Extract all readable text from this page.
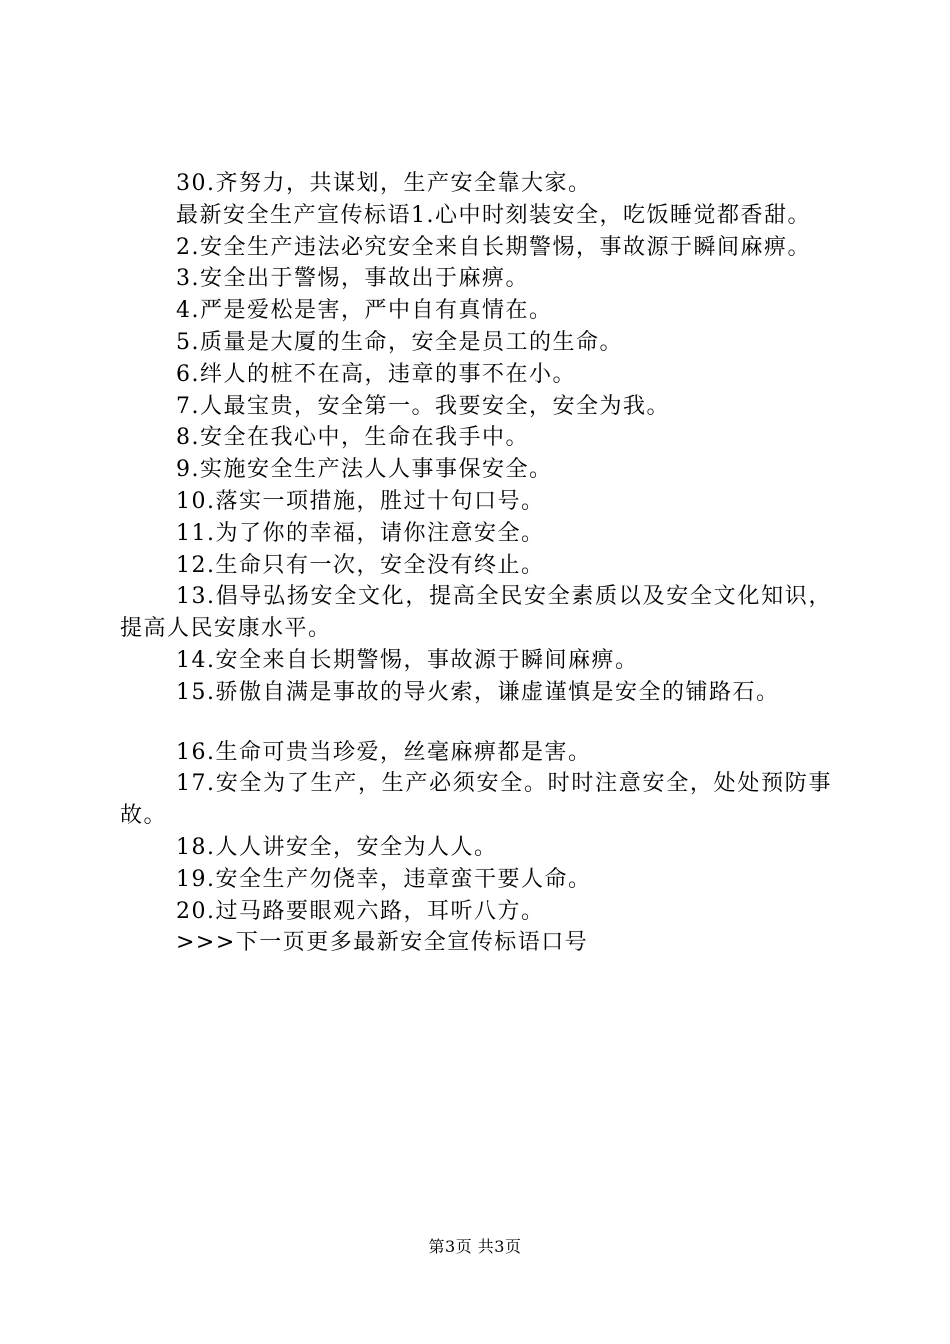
30.齐努力，共谋划，生产安全靠大家。

最新安全生产宣传标语1.心中时刻装安全，吃饭睡觉都香甜。

2.安全生产违法必究安全来自长期警惕，事故源于瞬间麻痹。

3.安全出于警惕，事故出于麻痹。

4.严是爱松是害，严中自有真情在。

5.质量是大厦的生命，安全是员工的生命。

6.绊人的桩不在高，违章的事不在小。

7.人最宝贵，安全第一。我要安全，安全为我。

8.安全在我心中，生命在我手中。

9.实施安全生产法人人事事保安全。

10.落实一项措施，胜过十句口号。

11.为了你的幸福，请你注意安全。

12.生命只有一次，安全没有终止。

13.倡导弘扬安全文化，提高全民安全素质以及安全文化知识，提高人民安康水平。

14.安全来自长期警惕，事故源于瞬间麻痹。

15.骄傲自满是事故的导火索，谦虚谨慎是安全的铺路石。

16.生命可贵当珍爱，丝毫麻痹都是害。

17.安全为了生产，生产必须安全。时时注意安全，处处预防事故。

18.人人讲安全，安全为人人。

19.安全生产勿侥幸，违章蛮干要人命。

20.过马路要眼观六路，耳听八方。

>>>下一页更多最新安全宣传标语口号

第3页 共3页
